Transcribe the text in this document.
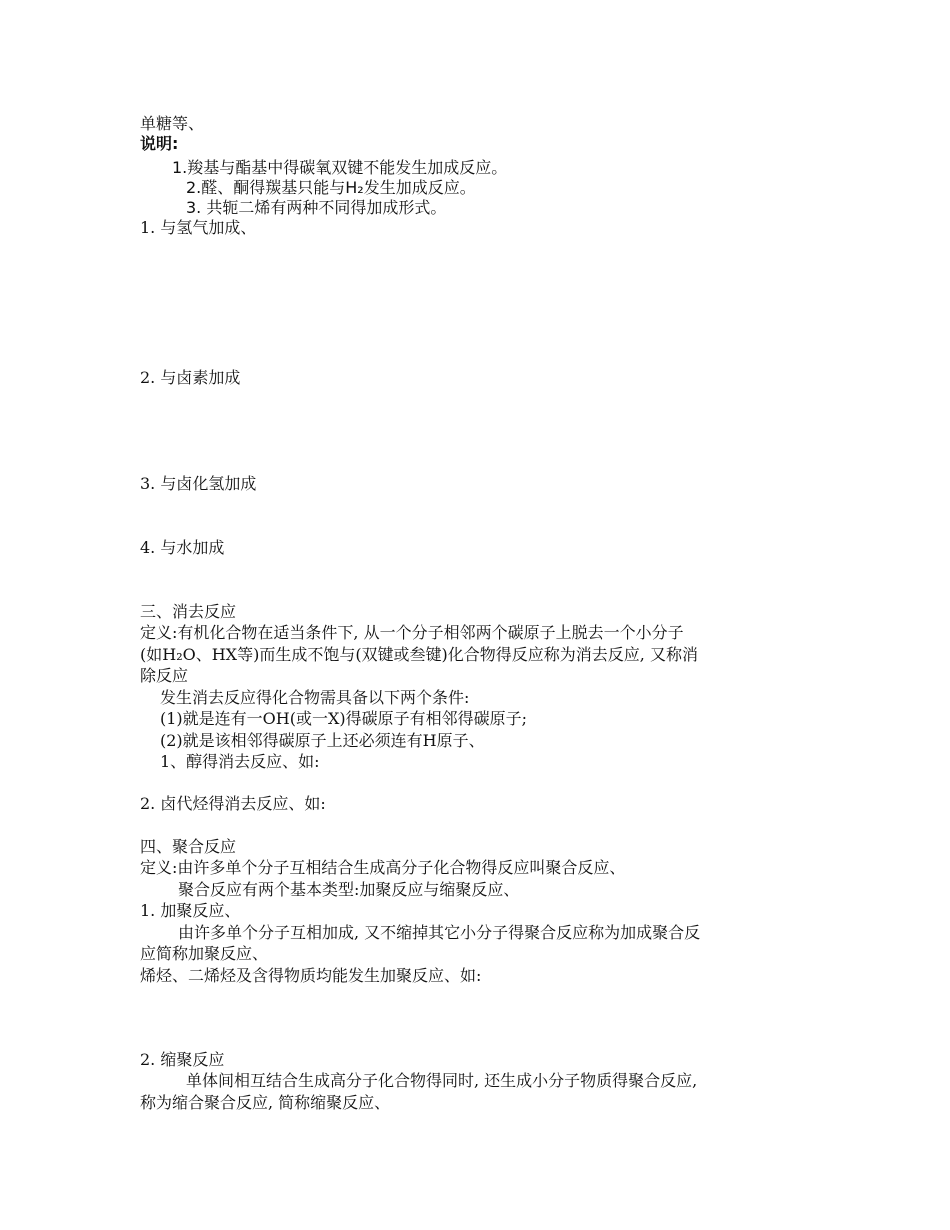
单糖等、
说明:
1.羧基与酯基中得碳氧双键不能发生加成反应。
2.醛、酮得羰基只能与H₂发生加成反应。
3. 共轭二烯有两种不同得加成形式。
1. 与氢气加成、
2. 与卤素加成
3. 与卤化氢加成
4. 与水加成
三、消去反应
定义:有机化合物在适当条件下, 从一个分子相邻两个碳原子上脱去一个小分子
(如H₂O、HX等)而生成不饱与(双键或叁键)化合物得反应称为消去反应, 又称消
除反应
发生消去反应得化合物需具备以下两个条件:
(1)就是连有一OH(或一X)得碳原子有相邻得碳原子;
(2)就是该相邻得碳原子上还必须连有H原子、
1、醇得消去反应、如:
2. 卤代烃得消去反应、如:
四、聚合反应
定义:由许多单个分子互相结合生成高分子化合物得反应叫聚合反应、
聚合反应有两个基本类型:加聚反应与缩聚反应、
1. 加聚反应、
由许多单个分子互相加成, 又不缩掉其它小分子得聚合反应称为加成聚合反
应简称加聚反应、
烯烃、二烯烃及含得物质均能发生加聚反应、如:
2. 缩聚反应
单体间相互结合生成高分子化合物得同时, 还生成小分子物质得聚合反应,
称为缩合聚合反应, 简称缩聚反应、
